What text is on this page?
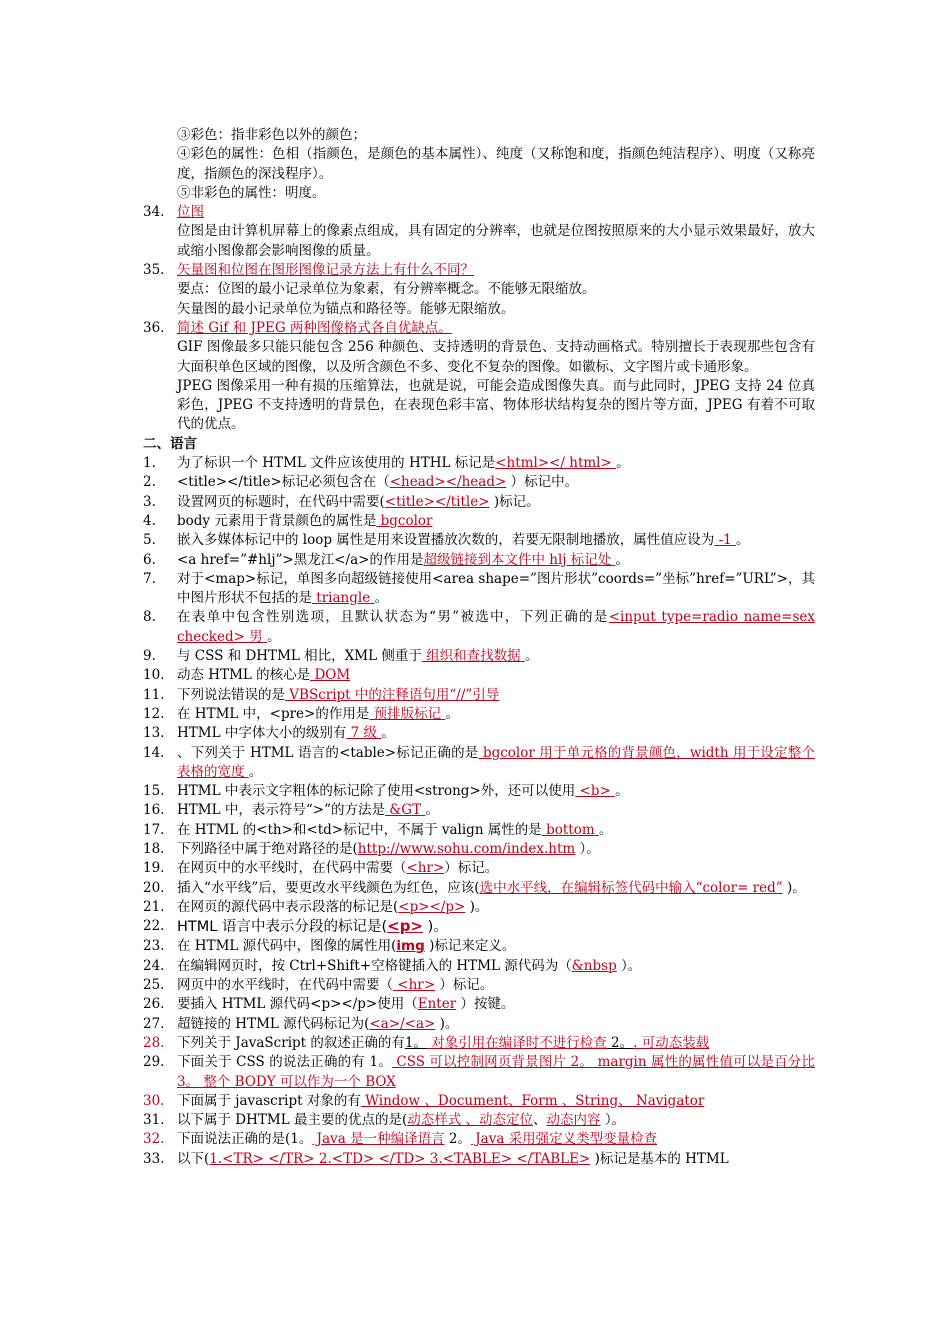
③彩色：指非彩色以外的颜色；
④彩色的属性：色相（指颜色，是颜色的基本属性）、纯度（又称饱和度，指颜色纯洁程序）、明度（又称亮度，指颜色的深浅程序）。
⑤非彩色的属性：明度。
34. 位图
位图是由计算机屏幕上的像素点组成，具有固定的分辨率，也就是位图按照原来的大小显示效果最好，放大或缩小图像都会影响图像的质量。
35. 矢量图和位图在图形图像记录方法上有什么不同？
要点：位图的最小记录单位为象素，有分辨率概念。不能够无限缩放。
矢量图的最小记录单位为锚点和路径等。能够无限缩放。
36. 简述 Gif 和 JPEG 两种图像格式各自优缺点。
GIF 图像最多只能只能包含 256 种颜色、支持透明的背景色、支持动画格式。特别擅长于表现那些包含有大面积单色区域的图像，以及所含颜色不多、变化不复杂的图像。如徽标、文字图片或卡通形象。
JPEG 图像采用一种有损的压缩算法，也就是说，可能会造成图像失真。而与此同时，JPEG 支持 24 位真彩色，JPEG 不支持透明的背景色，在表现色彩丰富、物体形状结构复杂的图片等方面，JPEG 有着不可取代的优点。
二、语言
1.	为了标识一个 HTML 文件应该使用的 HTHL 标记是<html></ html> 。
2.	<title></title>标记必须包含在（<head></head> ）标记中。
3.	设置网页的标题时，在代码中需要(<title></title> )标记。
4.	body 元素用于背景颜色的属性是 bgcolor
5.	嵌入多媒体标记中的 loop 属性是用来设置播放次数的，若要无限制地播放，属性值应设为 -1 。
6.	<a href=”#hlj”>黑龙江</a>的作用是超级链接到本文件中 hlj 标记处 。
7.	对于<map>标记，单图多向超级链接使用<area shape=”图片形状”coords=”坐标”href=”URL”>，其中图片形状不包括的是 triangle 。
8.	在表单中包含性别选项，且默认状态为“男”被选中，下列正确的是<input type=radio name=sex checked> 男 。
9.	与 CSS 和 DHTML 相比，XML 侧重于 组织和查找数据 。
10. 动态 HTML 的核心是 DOM
11. 下列说法错误的是 VBScript 中的注释语句用“//”引导
12. 在 HTML 中，<pre>的作用是 预排版标记 。
13. HTML 中字体大小的级别有 7 级 。
14. 、下列关于 HTML 语言的<table>标记正确的是 bgcolor 用于单元格的背景颜色，width 用于设定整个表格的宽度 。
15. HTML 中表示文字粗体的标记除了使用<strong>外，还可以使用 <b> 。
16. HTML 中，表示符号“>”的方法是 &GT 。
17. 在 HTML 的<th>和<td>标记中，不属于 valign 属性的是 bottom 。
18. 下列路径中属于绝对路径的是(http://www.sohu.com/index.htm ）。
19. 在网页中的水平线时，在代码中需要（<hr>）标记。
20. 插入“水平线”后，要更改水平线颜色为红色，应该(选中水平线，在编辑标签代码中输入“color= red” )。
21. 在网页的源代码中表示段落的标记是(<p></p> )。
22. HTML 语言中表示分段的标记是(<p> )。
23. 在 HTML 源代码中，图像的属性用(img )标记来定义。
24. 在编辑网页时，按 Ctrl+Shift+空格键插入的 HTML 源代码为（&nbsp ）。
25. 网页中的水平线时，在代码中需要（ <hr> ）标记。
26. 要插入 HTML 源代码<p></p>使用（Enter ）按键。
27. 超链接的 HTML 源代码标记为(<a>/<a> )。
28. 下列关于 JavaScript 的叙述正确的有1。 对象引用在编译时不进行检查 2。. 可动态装载
29. 下面关于 CSS 的说法正确的有 1。 CSS 可以控制网页背景图片 2。 margin 属性的属性值可以是百分比 3。 整个 BODY 可以作为一个 BOX
30. 下面属于 javascript 对象的有 Window 、Document、Form 、String、 Navigator
31. 以下属于 DHTML 最主要的优点的是(动态样式 、动态定位、动态内容 ）。
32. 下面说法正确的是(1。 Java 是一种编译语言 2。 Java 采用强定义类型变量检查
33. 以下(1.<TR> </TR> 2.<TD> </TD> 3.<TABLE> </TABLE> )标记是基本的 HTML
